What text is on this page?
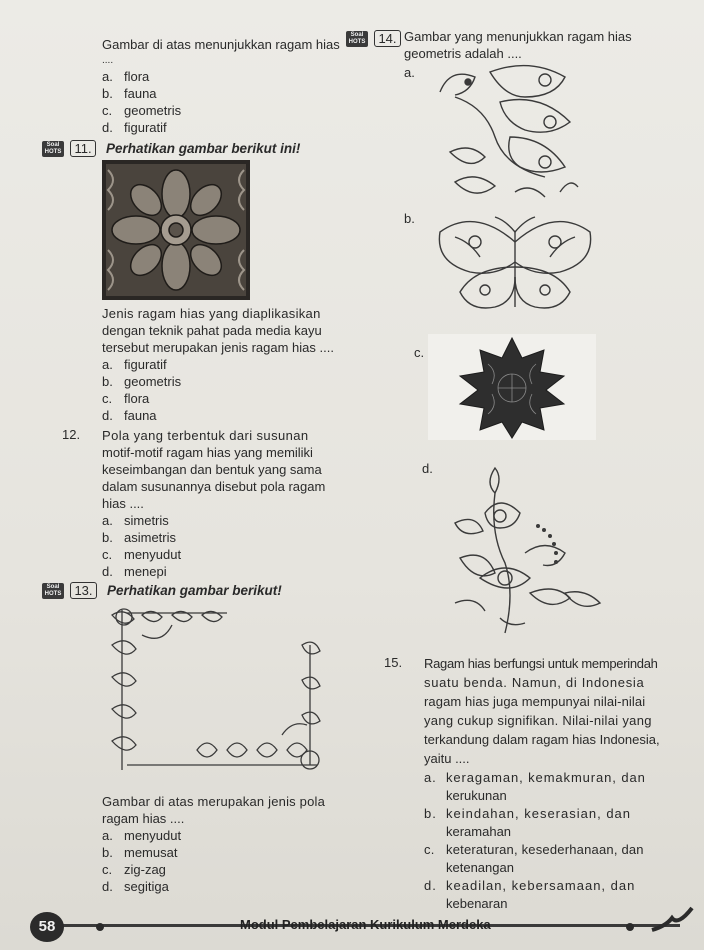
Gambar di atas menunjukkan ragam hias
....
a. flora
b. fauna
c. geometris
d. figuratif
Soal HOTS 11. Perhatikan gambar berikut ini!
Jenis ragam hias yang diaplikasikan
dengan teknik pahat pada media kayu
tersebut merupakan jenis ragam hias ....
a. figuratif
b. geometris
c. flora
d. fauna
12. Pola yang terbentuk dari susunan
motif-motif ragam hias yang memiliki
keseimbangan dan bentuk yang sama
dalam susunannya disebut pola ragam
hias ....
a. simetris
b. asimetris
c. menyudut
d. menepi
Soal HOTS 13. Perhatikan gambar berikut!
Gambar di atas merupakan jenis pola
ragam hias ....
a. menyudut
b. memusat
c. zig-zag
d. segitiga
Soal HOTS 14. Gambar yang menunjukkan ragam hias
geometris adalah ....
a.
b.
c.
d.
15. Ragam hias berfungsi untuk memperindah
suatu benda. Namun, di Indonesia
ragam hias juga mempunyai nilai-nilai
yang cukup signifikan. Nilai-nilai yang
terkandung dalam ragam hias Indonesia,
yaitu ....
a. keragaman, kemakmuran, dan
kerukunan
b. keindahan, keserasian, dan
keramahan
c. keteraturan, kesederhanaan, dan
ketenangan
d. keadilan, kebersamaan, dan
kebenaran
58	Modul Pembelajaran Kurikulum Merdeka
